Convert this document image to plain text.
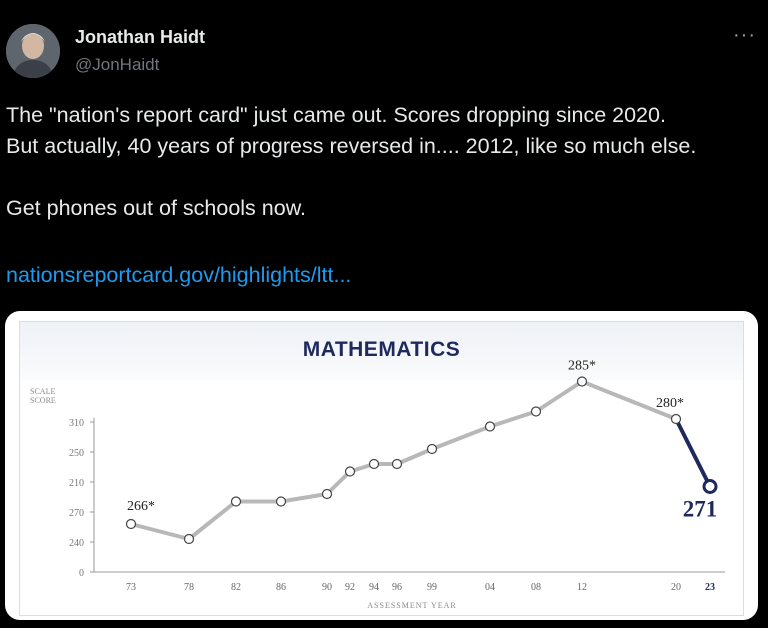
Jonathan Haidt
@JonHaidt
···

The "nation's report card" just came out. Scores dropping since 2020.

But actually, 40 years of progress reversed in.... 2012, like so much else.

Get phones out of schools now.

nationsreportcard.gov/highlights/ltt...
MATHEMATICS
SCALE
SCORE
0
240
270
210
250
310
73	78	82	86	90 92 94 96	99	04	08	12	20 23
ASSESSMENT YEAR
266*
285*
280*
271
